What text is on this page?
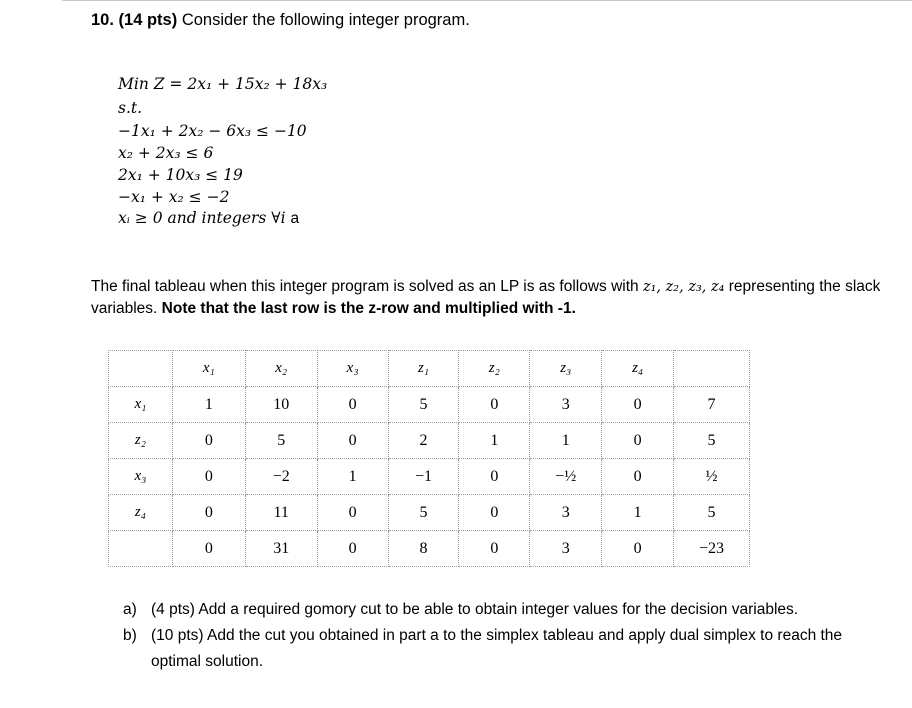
10. (14 pts) Consider the following integer program.
Min Z = 2x₁ + 15x₂ + 18x₃
s.t.
−1x₁ + 2x₂ − 6x₃ ≤ −10
x₂ + 2x₃ ≤ 6
2x₁ + 10x₃ ≤ 19
−x₁ + x₂ ≤ −2
xᵢ ≥ 0 and integers ∀i a
The final tableau when this integer program is solved as an LP is as follows with z₁, z₂, z₃, z₄ representing the slack variables. Note that the last row is the z-row and multiplied with -1.
	x₁	x₂	x₃	z₁	z₂	z₃	z₄	
x₁	1	10	0	5	0	3	0	7
z₂	0	5	0	2	1	1	0	5
x₃	0	−2	1	−1	0	−½	0	½
z₄	0	11	0	5	0	3	1	5
	0	31	0	8	0	3	0	−23
a) (4 pts) Add a required gomory cut to be able to obtain integer values for the decision variables.
b) (10 pts) Add the cut you obtained in part a to the simplex tableau and apply dual simplex to reach the optimal solution.
